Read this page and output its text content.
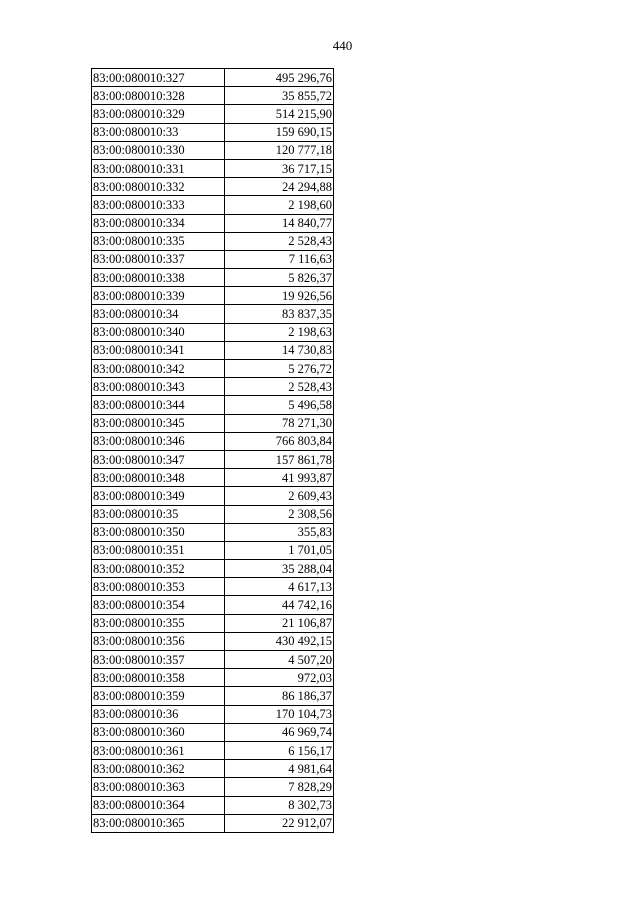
440
83:00:080010:327	495 296,76
83:00:080010:328	35 855,72
83:00:080010:329	514 215,90
83:00:080010:33	159 690,15
83:00:080010:330	120 777,18
83:00:080010:331	36 717,15
83:00:080010:332	24 294,88
83:00:080010:333	2 198,60
83:00:080010:334	14 840,77
83:00:080010:335	2 528,43
83:00:080010:337	7 116,63
83:00:080010:338	5 826,37
83:00:080010:339	19 926,56
83:00:080010:34	83 837,35
83:00:080010:340	2 198,63
83:00:080010:341	14 730,83
83:00:080010:342	5 276,72
83:00:080010:343	2 528,43
83:00:080010:344	5 496,58
83:00:080010:345	78 271,30
83:00:080010:346	766 803,84
83:00:080010:347	157 861,78
83:00:080010:348	41 993,87
83:00:080010:349	2 609,43
83:00:080010:35	2 308,56
83:00:080010:350	355,83
83:00:080010:351	1 701,05
83:00:080010:352	35 288,04
83:00:080010:353	4 617,13
83:00:080010:354	44 742,16
83:00:080010:355	21 106,87
83:00:080010:356	430 492,15
83:00:080010:357	4 507,20
83:00:080010:358	972,03
83:00:080010:359	86 186,37
83:00:080010:36	170 104,73
83:00:080010:360	46 969,74
83:00:080010:361	6 156,17
83:00:080010:362	4 981,64
83:00:080010:363	7 828,29
83:00:080010:364	8 302,73
83:00:080010:365	22 912,07
